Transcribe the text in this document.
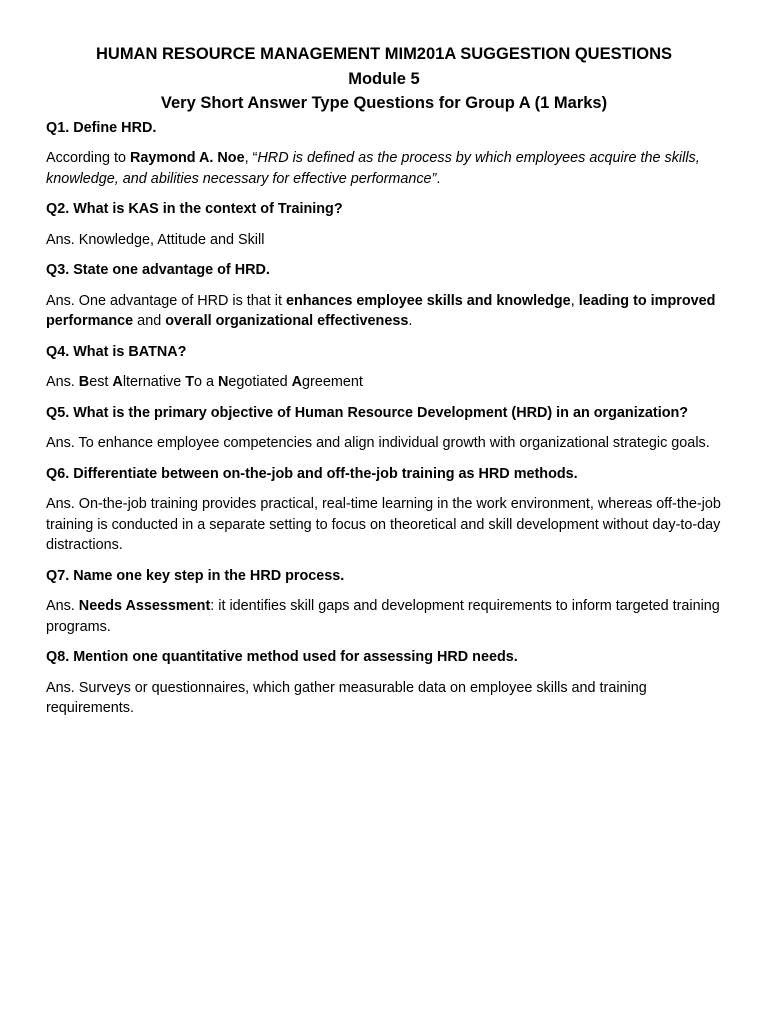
HUMAN RESOURCE MANAGEMENT MIM201A SUGGESTION QUESTIONS

Module 5

Very Short Answer Type Questions for Group A (1 Marks)

Q1. Define HRD.

According to Raymond A. Noe, “HRD is defined as the process by which employees acquire the skills, knowledge, and abilities necessary for effective performance”.

Q2. What is KAS in the context of Training?

Ans. Knowledge, Attitude and Skill

Q3. State one advantage of HRD.

Ans. One advantage of HRD is that it enhances employee skills and knowledge, leading to improved performance and overall organizational effectiveness.

Q4. What is BATNA?

Ans. Best Alternative To a Negotiated Agreement

Q5. What is the primary objective of Human Resource Development (HRD) in an organization?

Ans. To enhance employee competencies and align individual growth with organizational strategic goals.

Q6. Differentiate between on-the-job and off-the-job training as HRD methods.

Ans. On-the-job training provides practical, real-time learning in the work environment, whereas off-the-job training is conducted in a separate setting to focus on theoretical and skill development without day-to-day distractions.

Q7. Name one key step in the HRD process.

Ans. Needs Assessment: it identifies skill gaps and development requirements to inform targeted training programs.

Q8. Mention one quantitative method used for assessing HRD needs.

Ans. Surveys or questionnaires, which gather measurable data on employee skills and training requirements.
